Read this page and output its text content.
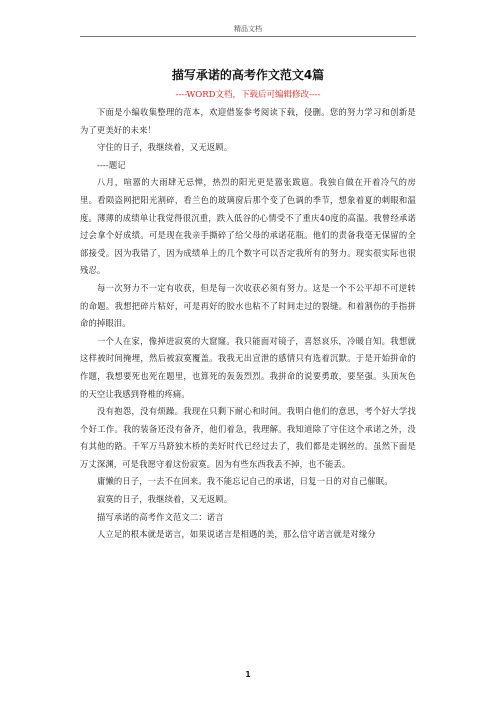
精品文档
描写承诺的高考作文范文4篇
----WORD文档，下载后可编辑修改----

下面是小编收集整理的范本，欢迎借鉴参考阅读下载，侵删。您的努力学习和创新是为了更美好的未来！

守住的日子，我继续着，又无返顾。

----题记

八月，喧嚣的大雨肆无忌惮，热烈的阳光更是嚣张跋扈。我独自做在开着冷气的房里。看陨盗网把阳光割碎，看兰色的玻璃窗后那个变了色调的季节，想象着夏的刺眼和温度。薄薄的成绩单让我觉得很沉重，跌入低谷的心情受不了重庆40度的高温。我曾经承诺过会拿个好成绩。可是现在我亲手撕碎了给父母的承诺花瓶。他们的责备我毫无保留的全部接受。因为我错了，因为成绩单上的几个数字可以否定我所有的努力。现实很实际也很残忍。

每一次努力不一定有收获，但是每一次收获必须有努力。这是一个不公平却不可逆转的命题。我想把碎片粘好，可是再好的胶水也粘不了时间走过的裂缝。和着割伤的手指拼命的掉眼泪。

一个人在家，像掉进寂寞的大窟窿。我只能面对镜子，喜怒哀乐，冷暖自知。我想就这样被时间掩埋，然后被寂寞覆盖。我我无出宣泄的感情只有选着沉默。于是开始拼命的作题，我想要死也死在题里，也算死的轰轰烈烈。我拼命的说要勇敢，要坚强。头顶灰色的天空让我感到脊椎的疼痛。

没有抱怨，没有烦躁。我现在只剩下耐心和时间。我明白他们的意思，考个好大学找个好工作。我的装备还没有备齐，他们着急，我理解。我知道除了守住这个承诺之外，没有其他的路。千军万马跻独木桥的美好时代已经过去了，我们都是走钢丝的。虽然下面是万丈深渊，可是我愿守着这份寂寞。因为有些东西我丢不掉，也不能丢。

庸懒的日子，一去不在回来。我不能忘记自己的承诺，日复一日的对自己催眠。

寂寞的日子，我继续着，又无返顾。

描写承诺的高考作文范文二：诺言

人立足的根本就是诺言，如果说诺言是相遇的美，那么信守诺言就是对缘分

1
